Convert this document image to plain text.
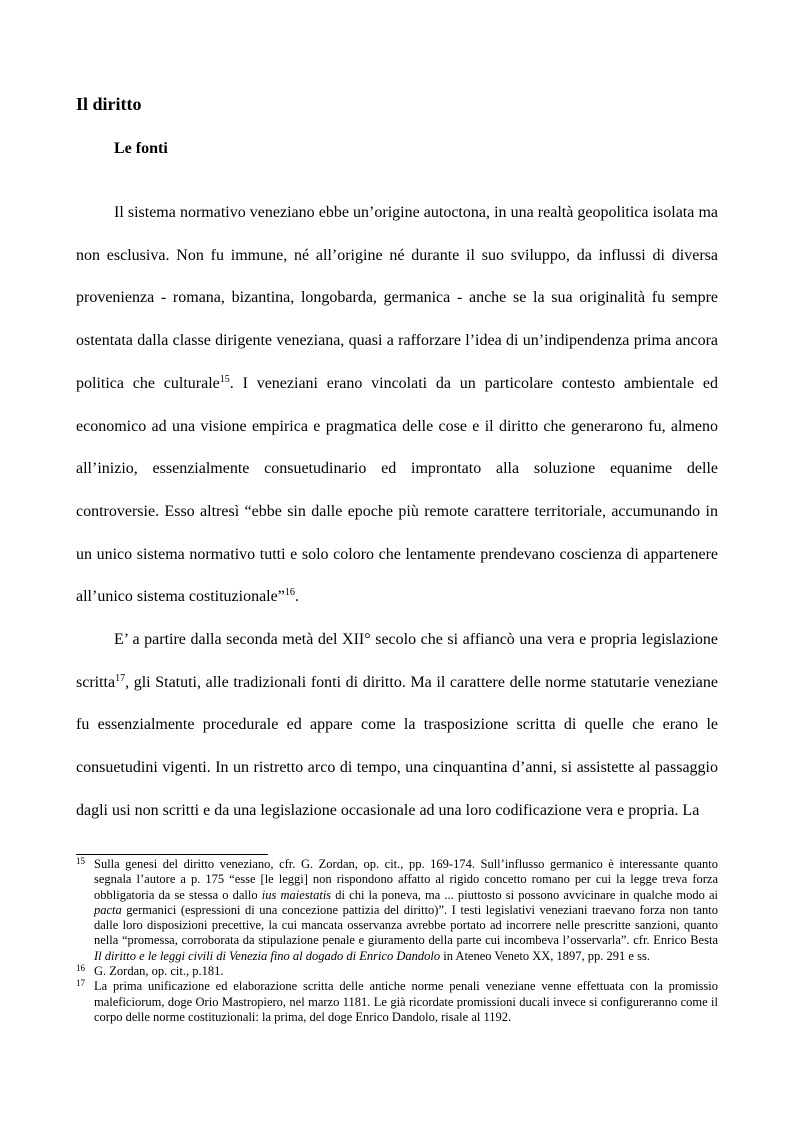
Il diritto
Le fonti

Il sistema normativo veneziano ebbe un’origine autoctona, in una realtà geopolitica isolata ma non esclusiva. Non fu immune, né all’origine né durante il suo sviluppo, da influssi di diversa provenienza - romana, bizantina, longobarda, germanica - anche se la sua originalità fu sempre ostentata dalla classe dirigente veneziana, quasi a rafforzare l’idea di un’indipendenza prima ancora politica che culturale$^{15}$. I veneziani erano vincolati da un particolare contesto ambientale ed economico ad una visione empirica e pragmatica delle cose e il diritto che generarono fu, almeno all’inizio, essenzialmente consuetudinario ed improntato alla soluzione equanime delle controversie. Esso altresì “ebbe sin dalle epoche più remote carattere territoriale, accumunando in un unico sistema normativo tutti e solo coloro che lentamente prendevano coscienza di appartenere all’unico sistema costituzionale”$^{16}$.

E’ a partire dalla seconda metà del XII° secolo che si affiancò una vera e propria legislazione scritta$^{17}$, gli Statuti, alle tradizionali fonti di diritto. Ma il carattere delle norme statutarie veneziane fu essenzialmente procedurale ed appare come la trasposizione scritta di quelle che erano le consuetudini vigenti. In un ristretto arco di tempo, una cinquantina d’anni, si assistette al passaggio dagli usi non scritti e da una legislazione occasionale ad una loro codificazione vera e propria. La

15 Sulla genesi del diritto veneziano, cfr. G. Zordan, op. cit., pp. 169-174. Sull’influsso germanico è interessante quanto segnala l’autore a p. 175 “esse [le leggi] non rispondono affatto al rigido concetto romano per cui la legge treva forza obbligatoria da se stessa o dallo ius maiestatis di chi la poneva, ma ... piuttosto si possono avvicinare in qualche modo ai pacta germanici (espressioni di una concezione pattizia del diritto)”. I testi legislativi veneziani traevano forza non tanto dalle loro disposizioni precettive, la cui mancata osservanza avrebbe portato ad incorrere nelle prescritte sanzioni, quanto nella “promessa, corroborata da stipulazione penale e giuramento della parte cui incombeva l’osservarla”. cfr. Enrico Besta Il diritto e le leggi civili di Venezia fino al dogado di Enrico Dandolo in Ateneo Veneto XX, 1897, pp. 291 e ss.
16 G. Zordan, op. cit., p.181.
17 La prima unificazione ed elaborazione scritta delle antiche norme penali veneziane venne effettuata con la promissio maleficiorum, doge Orio Mastropiero, nel marzo 1181. Le già ricordate promissioni ducali invece si configureranno come il corpo delle norme costituzionali: la prima, del doge Enrico Dandolo, risale al 1192.
